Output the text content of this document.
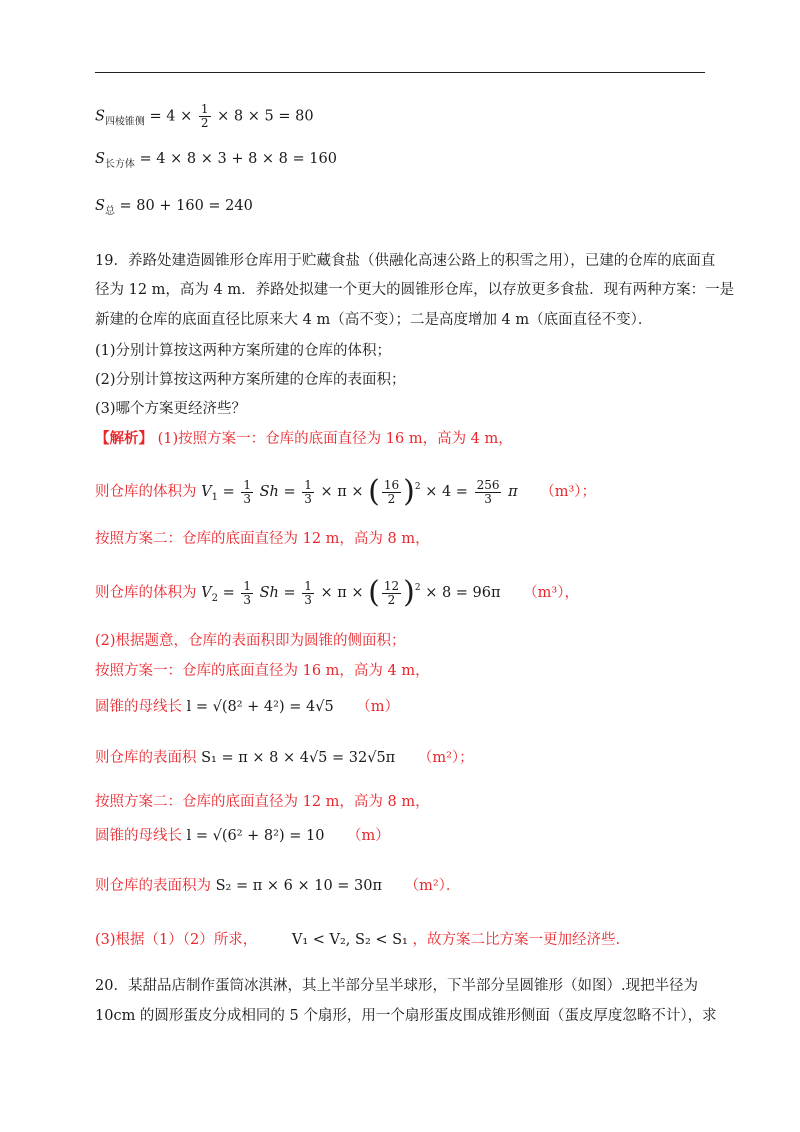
$S_{四棱锥侧} = 4 \times \frac{1}{2} \times 8 \times 5 = 80$
$S_{长方体} = 4 \times 8 \times 3 + 8 \times 8 = 160$
$S_总 = 80 + 160 = 240$
19．养路处建造圆锥形仓库用于贮藏食盐（供融化高速公路上的积雪之用），已建的仓库的底面直
径为 12 m，高为 4 m．养路处拟建一个更大的圆锥形仓库，以存放更多食盐．现有两种方案：一是
新建的仓库的底面直径比原来大 4 m（高不变）；二是高度增加 4 m（底面直径不变）．
(1)分别计算按这两种方案所建的仓库的体积；
(2)分别计算按这两种方案所建的仓库的表面积；
(3)哪个方案更经济些？
【解析】 (1)按照方案一：仓库的底面直径为 16 m，高为 4 m，
则仓库的体积为 $V_1 = \frac{1}{3}$ $Sh = \frac{1}{3} \times \pi$ × ( $\frac{16}{2} )^2 \times 4 = \frac{256}{3}$ π （m³）；
按照方案二：仓库的底面直径为 12 m，高为 8 m，
则仓库的体积为 $V_2 = \frac{1}{3}$ $Sh = \frac{1}{3} \times \pi$ × ( $\frac{12}{2} )^2 \times 8 = 96\pi$ （m³），
(2)根据题意，仓库的表面积即为圆锥的侧面积；
按照方案一：仓库的底面直径为 16 m，高为 4 m，
圆锥的母线长 l = √(8² + 4²) = 4√5 （m）
则仓库的表面积 S₁ = π × 8 × 4√5 = 32√5π （m²）；
按照方案二：仓库的底面直径为 12 m，高为 8 m，
圆锥的母线长 l = √(6² + 8²) = 10 （m）
则仓库的表面积为 S₂ = π × 6 × 10 = 30π （m²）．
(3)根据（1）（2）所求， V₁ < V₂, S₂ < S₁ ，故方案二比方案一更加经济些.
20．某甜品店制作蛋筒冰淇淋，其上半部分呈半球形，下半部分呈圆锥形（如图）.现把半径为
10cm 的圆形蛋皮分成相同的 5 个扇形，用一个扇形蛋皮围成锥形侧面（蛋皮厚度忽略不计），求
